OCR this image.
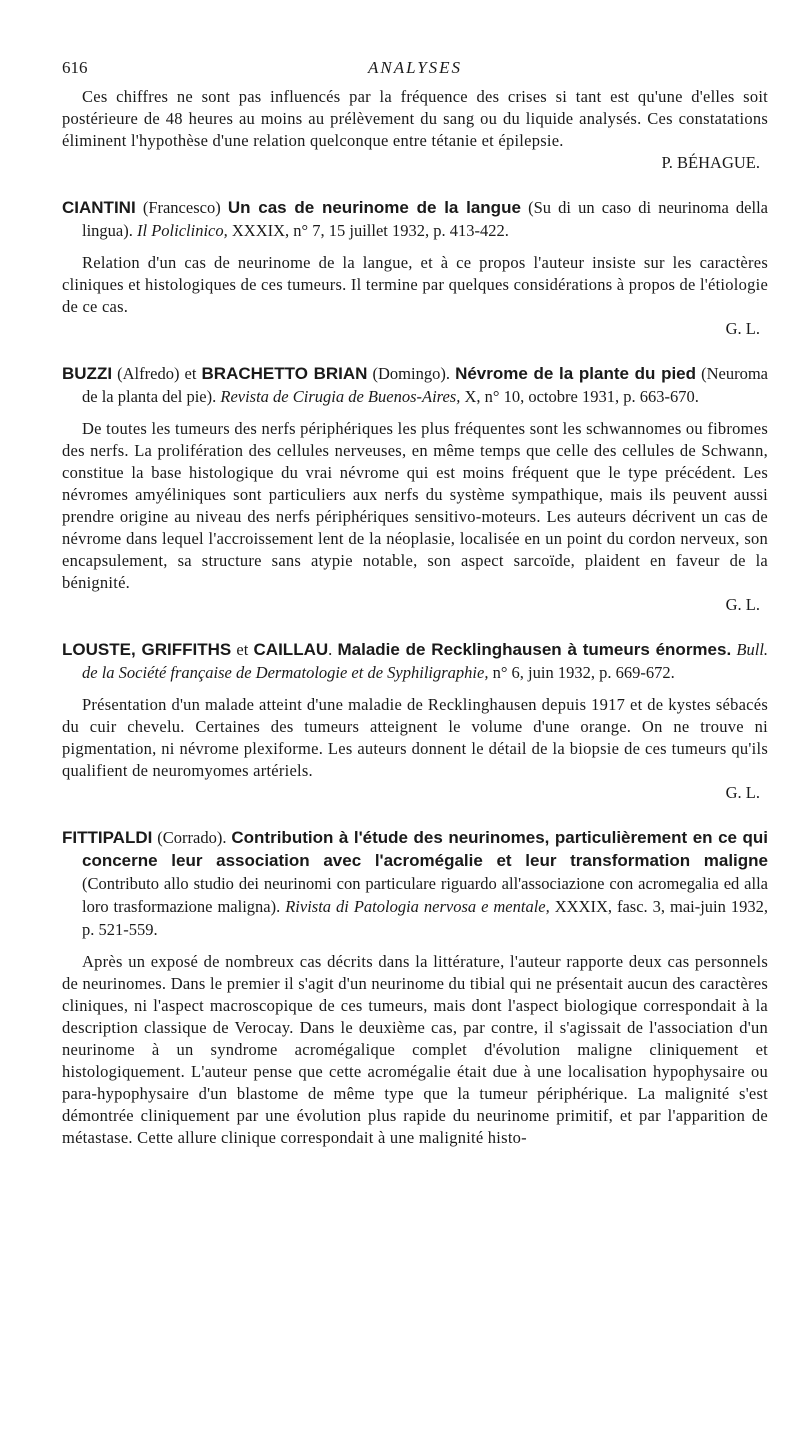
616	ANALYSES

Ces chiffres ne sont pas influencés par la fréquence des crises si tant est qu'une d'elles soit postérieure de 48 heures au moins au prélèvement du sang ou du liquide analysés. Ces constatations éliminent l'hypothèse d'une relation quelconque entre tétanie et épilepsie.

P. BÉHAGUE.
CIANTINI (Francesco) Un cas de neurinome de la langue (Su di un caso di neurinoma della lingua). Il Policlinico, XXXIX, n° 7, 15 juillet 1932, p. 413-422.

Relation d'un cas de neurinome de la langue, et à ce propos l'auteur insiste sur les caractères cliniques et histologiques de ces tumeurs. Il termine par quelques considérations à propos de l'étiologie de ce cas.

G. L.
BUZZI (Alfredo) et BRACHETTO BRIAN (Domingo). Névrome de la plante du pied (Neuroma de la planta del pie). Revista de Cirugia de Buenos-Aires, X, n° 10, octobre 1931, p. 663-670.

De toutes les tumeurs des nerfs périphériques les plus fréquentes sont les schwannomes ou fibromes des nerfs. La prolifération des cellules nerveuses, en même temps que celle des cellules de Schwann, constitue la base histologique du vrai névrome qui est moins fréquent que le type précédent. Les névromes amyéliniques sont particuliers aux nerfs du système sympathique, mais ils peuvent aussi prendre origine au niveau des nerfs périphériques sensitivo-moteurs. Les auteurs décrivent un cas de névrome dans lequel l'accroissement lent de la néoplasie, localisée en un point du cordon nerveux, son encapsulement, sa structure sans atypie notable, son aspect sarcoïde, plaident en faveur de la bénignité.

G. L.
LOUSTE, GRIFFITHS et CAILLAU. Maladie de Recklinghausen à tumeurs énormes. Bull. de la Société française de Dermatologie et de Syphiligraphie, n° 6, juin 1932, p. 669-672.

Présentation d'un malade atteint d'une maladie de Recklinghausen depuis 1917 et de kystes sébacés du cuir chevelu. Certaines des tumeurs atteignent le volume d'une orange. On ne trouve ni pigmentation, ni névrome plexiforme. Les auteurs donnent le détail de la biopsie de ces tumeurs qu'ils qualifient de neuromyomes artériels.

G. L.
FITTIPALDI (Corrado). Contribution à l'étude des neurinomes, particulièrement en ce qui concerne leur association avec l'acromégalie et leur transformation maligne (Contributo allo studio dei neurinomi con particulare riguardo all'associazione con acromegalia ed alla loro trasformazione maligna). Rivista di Patologia nervosa e mentale, XXXIX, fasc. 3, mai-juin 1932, p. 521-559.

Après un exposé de nombreux cas décrits dans la littérature, l'auteur rapporte deux cas personnels de neurinomes. Dans le premier il s'agit d'un neurinome du tibial qui ne présentait aucun des caractères cliniques, ni l'aspect macroscopique de ces tumeurs, mais dont l'aspect biologique correspondait à la description classique de Verocay. Dans le deuxième cas, par contre, il s'agissait de l'association d'un neurinome à un syndrome acromégalique complet d'évolution maligne cliniquement et histologiquement. L'auteur pense que cette acromégalie était due à une localisation hypophysaire ou para-hypophysaire d'un blastome de même type que la tumeur périphérique. La malignité s'est démontrée cliniquement par une évolution plus rapide du neurinome primitif, et par l'apparition de métastase. Cette allure clinique correspondait à une malignité histo-
